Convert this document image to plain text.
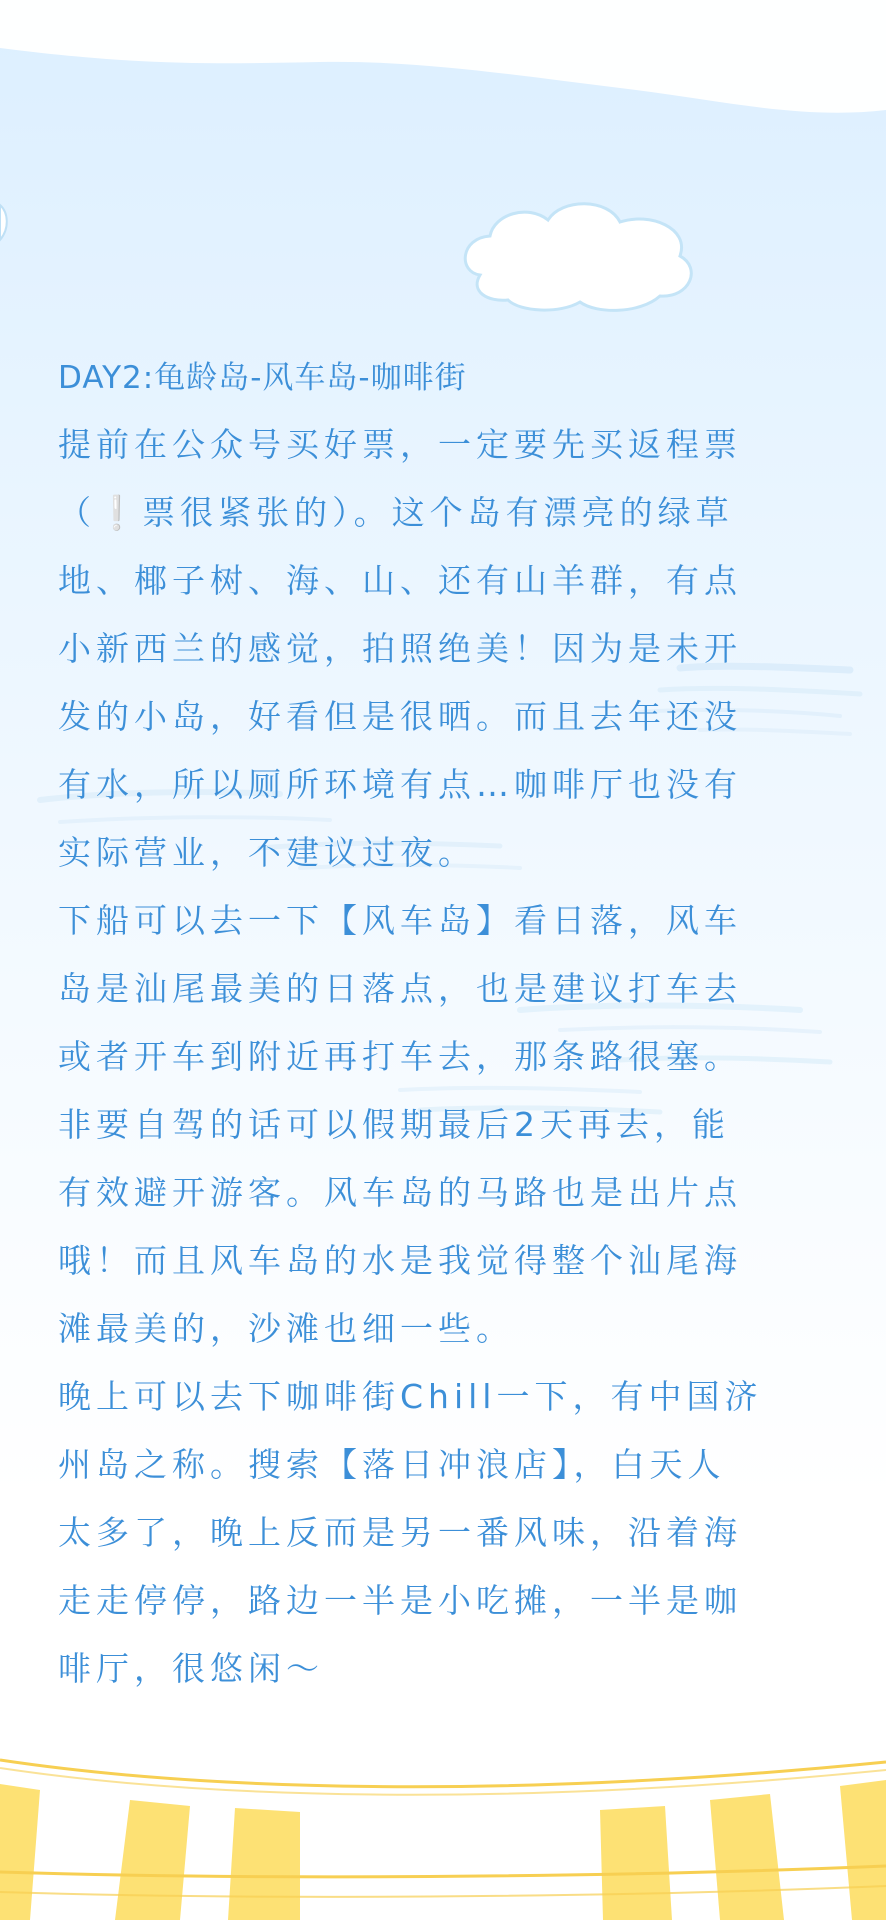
DAY2:龟龄岛-风车岛-咖啡街
提前在公众号买好票，一定要先买返程票
（❕票很紧张的）。这个岛有漂亮的绿草
地、椰子树、海、山、还有山羊群，有点
小新西兰的感觉，拍照绝美！因为是未开
发的小岛，好看但是很晒。而且去年还没
有水，所以厕所环境有点…咖啡厅也没有
实际营业，不建议过夜。
下船可以去一下【风车岛】看日落，风车
岛是汕尾最美的日落点，也是建议打车去
或者开车到附近再打车去，那条路很塞。
非要自驾的话可以假期最后2天再去，能
有效避开游客。风车岛的马路也是出片点
哦！而且风车岛的水是我觉得整个汕尾海
滩最美的，沙滩也细一些。
晚上可以去下咖啡街Chill一下，有中国济
州岛之称。搜索【落日冲浪店】，白天人
太多了，晚上反而是另一番风味，沿着海
走走停停，路边一半是小吃摊，一半是咖
啡厅，很悠闲～
